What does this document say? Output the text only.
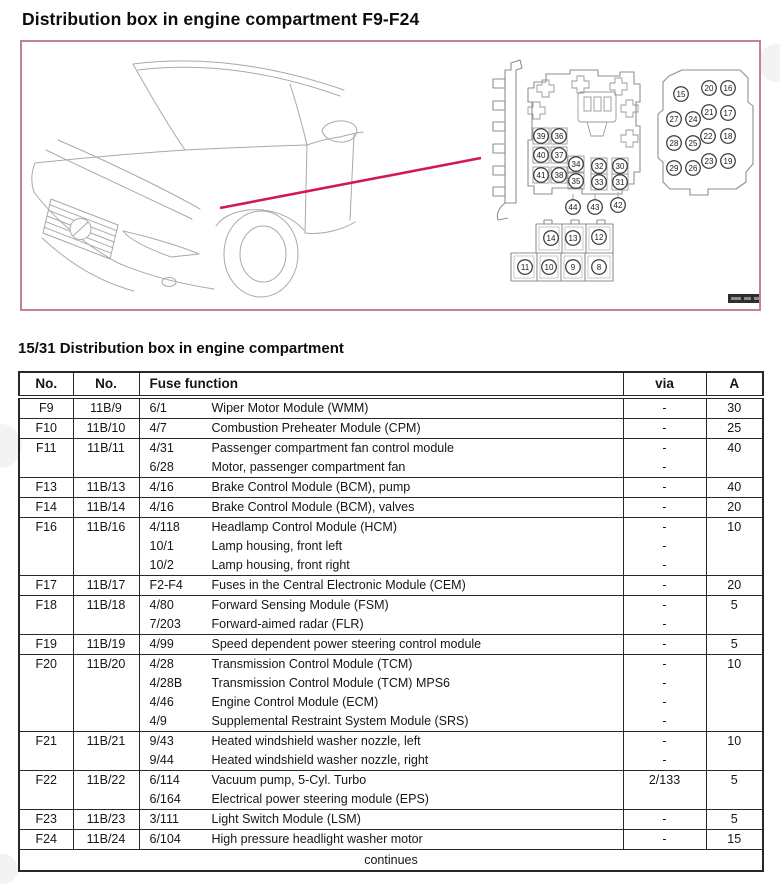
Distribution box in engine compartment F9-F24
39 36
40 37
41 38
34
35
32 30
33 31
44 43 42
15
20 16
27 24
21 17
28 25
22 18
29 26
23 19
14 13 12
11 10 9	8
15/31 Distribution box in engine compartment
No.	No.	Fuse function	via	A
F9	11B/9	6/1 Wiper Motor Module (WMM)	-	30
F10	11B/10	4/7 Combustion Preheater Module (CPM)	-	25
F11	11B/11	4/31 Passenger compartment fan control module	-	40
		6/28 Motor, passenger compartment fan	-	
F13	11B/13	4/16 Brake Control Module (BCM), pump	-	40
F14	11B/14	4/16 Brake Control Module (BCM), valves	-	20
F16	11B/16	4/118 Headlamp Control Module (HCM)	-	10
		10/1 Lamp housing, front left	-	
		10/2 Lamp housing, front right	-	
F17	11B/17	F2-F4 Fuses in the Central Electronic Module (CEM)	-	20
F18	11B/18	4/80 Forward Sensing Module (FSM)	-	5
		7/203 Forward-aimed radar (FLR)	-	
F19	11B/19	4/99 Speed dependent power steering control module	-	5
F20	11B/20	4/28 Transmission Control Module (TCM)	-	10
		4/28B Transmission Control Module (TCM) MPS6	-	
		4/46 Engine Control Module (ECM)	-	
		4/9 Supplemental Restraint System Module (SRS)	-	
F21	11B/21	9/43 Heated windshield washer nozzle, left	-	10
		9/44 Heated windshield washer nozzle, right	-	
F22	11B/22	6/114 Vacuum pump, 5-Cyl. Turbo	2/133	5
		6/164 Electrical power steering module (EPS)		
F23	11B/23	3/111 Light Switch Module (LSM)	-	5
F24	11B/24	6/104 High pressure headlight washer motor	-	15
continues				
